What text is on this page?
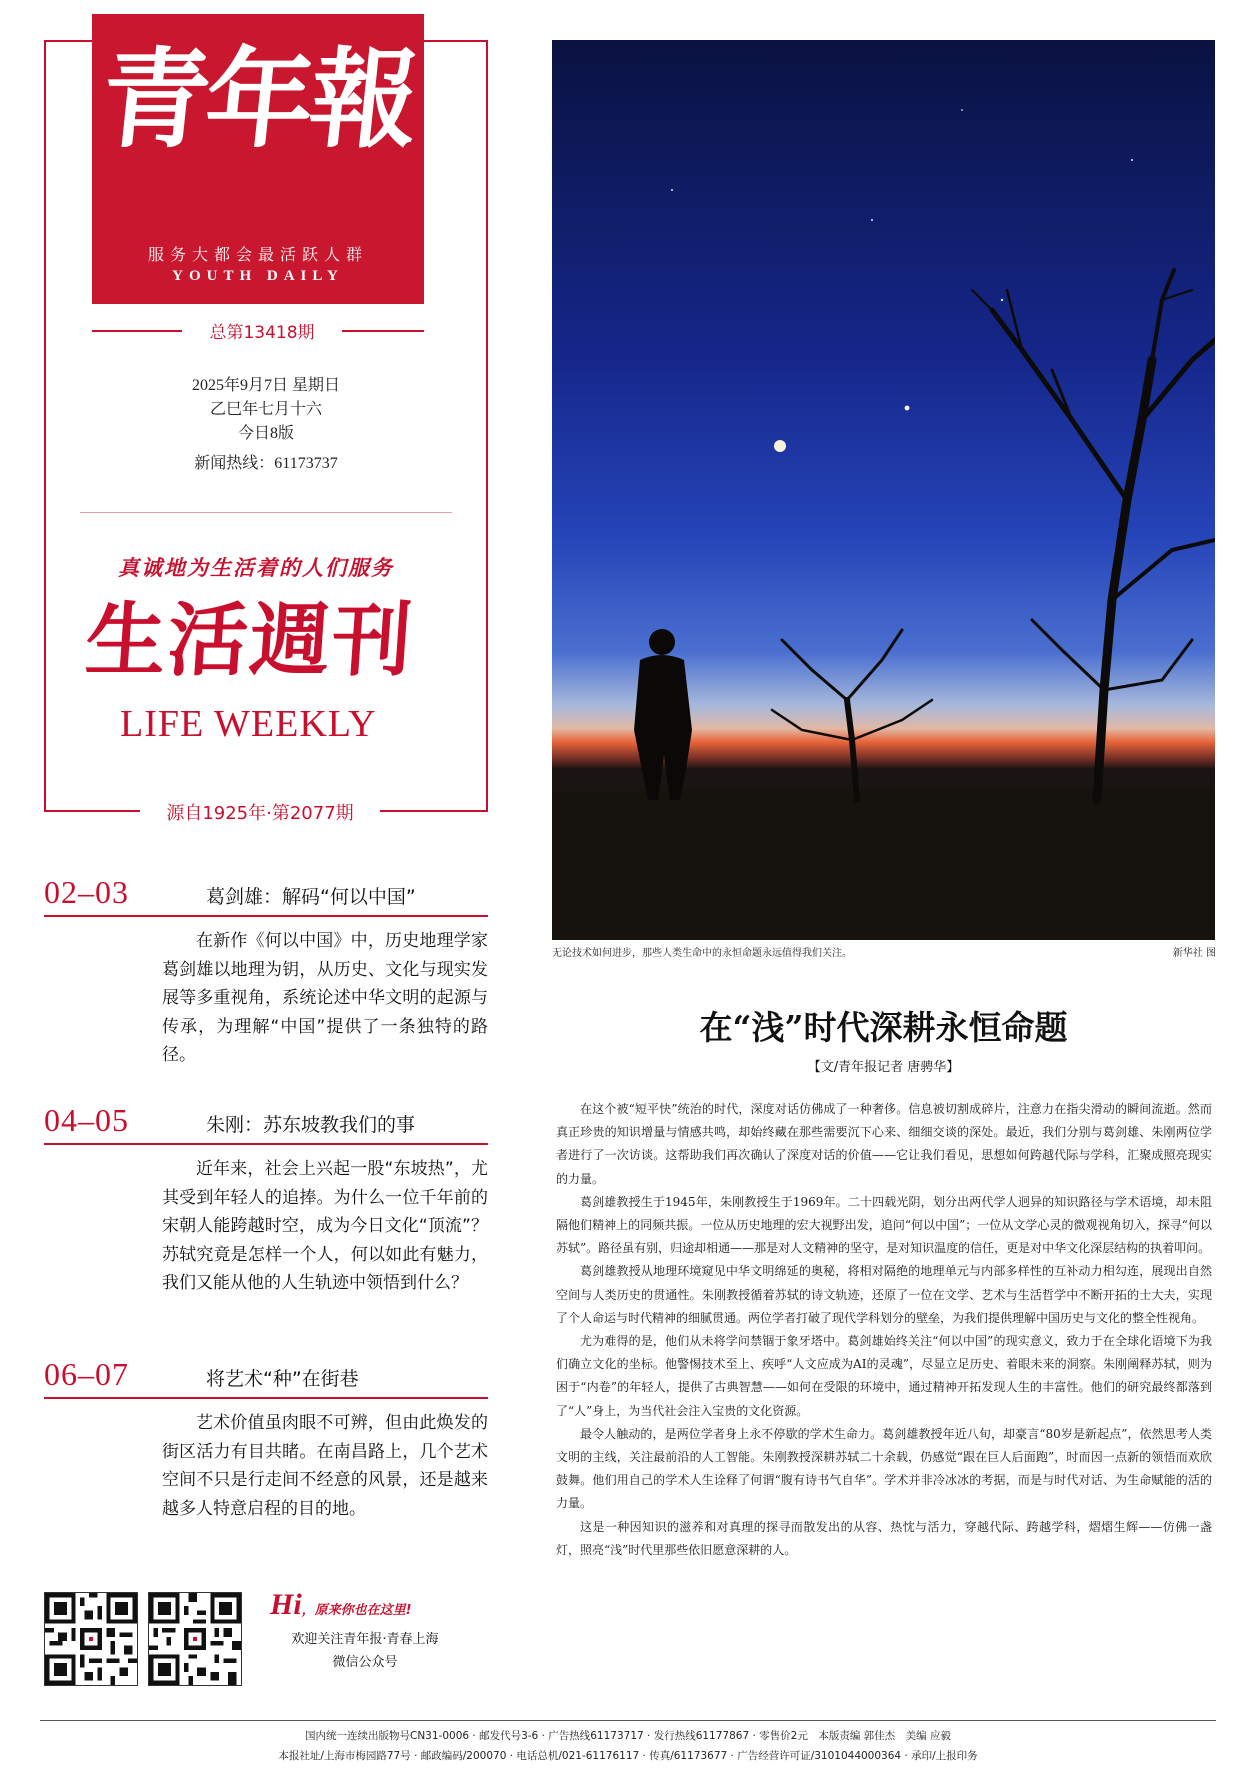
青年報
服务大都会最活跃人群
YOUTH DAILY
总第13418期
2025年9月7日 星期日
乙巳年七月十六
今日8版
新闻热线：61173737
真诚地为生活着的人们服务
生活週刊
LIFE WEEKLY
源自1925年·第2077期
02–03	葛剑雄：解码“何以中国”

在新作《何以中国》中，历史地理学家葛剑雄以地理为钥，从历史、文化与现实发展等多重视角，系统论述中华文明的起源与传承，为理解“中国”提供了一条独特的路径。

04–05	朱刚：苏东坡教我们的事

近年来，社会上兴起一股“东坡热”，尤其受到年轻人的追捧。为什么一位千年前的宋朝人能跨越时空，成为今日文化“顶流”？苏轼究竟是怎样一个人，何以如此有魅力，我们又能从他的人生轨迹中领悟到什么？

06–07	将艺术“种”在街巷

艺术价值虽肉眼不可辨，但由此焕发的街区活力有目共睹。在南昌路上，几个艺术空间不只是行走间不经意的风景，还是越来越多人特意启程的目的地。

Hi ，原来你也在这里!
欢迎关注青年报·青春上海
微信公众号
无论技术如何进步，那些人类生命中的永恒命题永远值得我们关注。	新华社 图
在“浅”时代深耕永恒命题
【文/青年报记者 唐骋华】

在这个被“短平快”统治的时代，深度对话仿佛成了一种奢侈。信息被切割成碎片，注意力在指尖滑动的瞬间流逝。然而真正珍贵的知识增量与情感共鸣，却始终藏在那些需要沉下心来、细细交谈的深处。最近，我们分别与葛剑雄、朱刚两位学者进行了一次访谈。这帮助我们再次确认了深度对话的价值——它让我们看见，思想如何跨越代际与学科，汇聚成照亮现实的力量。

葛剑雄教授生于1945年，朱刚教授生于1969年。二十四载光阴，划分出两代学人迥异的知识路径与学术语境，却未阻隔他们精神上的同频共振。一位从历史地理的宏大视野出发，追问“何以中国”；一位从文学心灵的微观视角切入，探寻“何以苏轼”。路径虽有别，归途却相通——那是对人文精神的坚守，是对知识温度的信任，更是对中华文化深层结构的执着叩问。

葛剑雄教授从地理环境窥见中华文明绵延的奥秘，将相对隔绝的地理单元与内部多样性的互补动力相勾连，展现出自然空间与人类历史的贯通性。朱刚教授循着苏轼的诗文轨迹，还原了一位在文学、艺术与生活哲学中不断开拓的士大夫，实现了个人命运与时代精神的细腻贯通。两位学者打破了现代学科划分的壁垒，为我们提供理解中国历史与文化的整全性视角。

尤为难得的是，他们从未将学问禁锢于象牙塔中。葛剑雄始终关注“何以中国”的现实意义，致力于在全球化语境下为我们确立文化的坐标。他警惕技术至上、疾呼“人文应成为AI的灵魂”，尽显立足历史、着眼未来的洞察。朱刚阐释苏轼，则为困于“内卷”的年轻人，提供了古典智慧——如何在受限的环境中，通过精神开拓发现人生的丰富性。他们的研究最终都落到了“人”身上，为当代社会注入宝贵的文化资源。

最令人触动的，是两位学者身上永不停歇的学术生命力。葛剑雄教授年近八旬，却豪言“80岁是新起点”，依然思考人类文明的主线，关注最前沿的人工智能。朱刚教授深耕苏轼二十余载，仍感觉“跟在巨人后面跑”，时而因一点新的领悟而欢欣鼓舞。他们用自己的学术人生诠释了何谓“腹有诗书气自华”。学术并非冷冰冰的考据，而是与时代对话、为生命赋能的活的力量。

这是一种因知识的滋养和对真理的探寻而散发出的从容、热忱与活力，穿越代际、跨越学科，熠熠生辉——仿佛一盏灯，照亮“浅”时代里那些依旧愿意深耕的人。

国内统一连续出版物号CN31-0006 · 邮发代号3-6 · 广告热线61173717 · 发行热线61177867 · 零售价2元　本版责编 郭佳杰　美编 应毅
本报社址/上海市梅园路77号 · 邮政编码/200070 · 电话总机/021-61176117 · 传真/61173677 · 广告经营许可证/3101044000364 · 承印/上报印务
